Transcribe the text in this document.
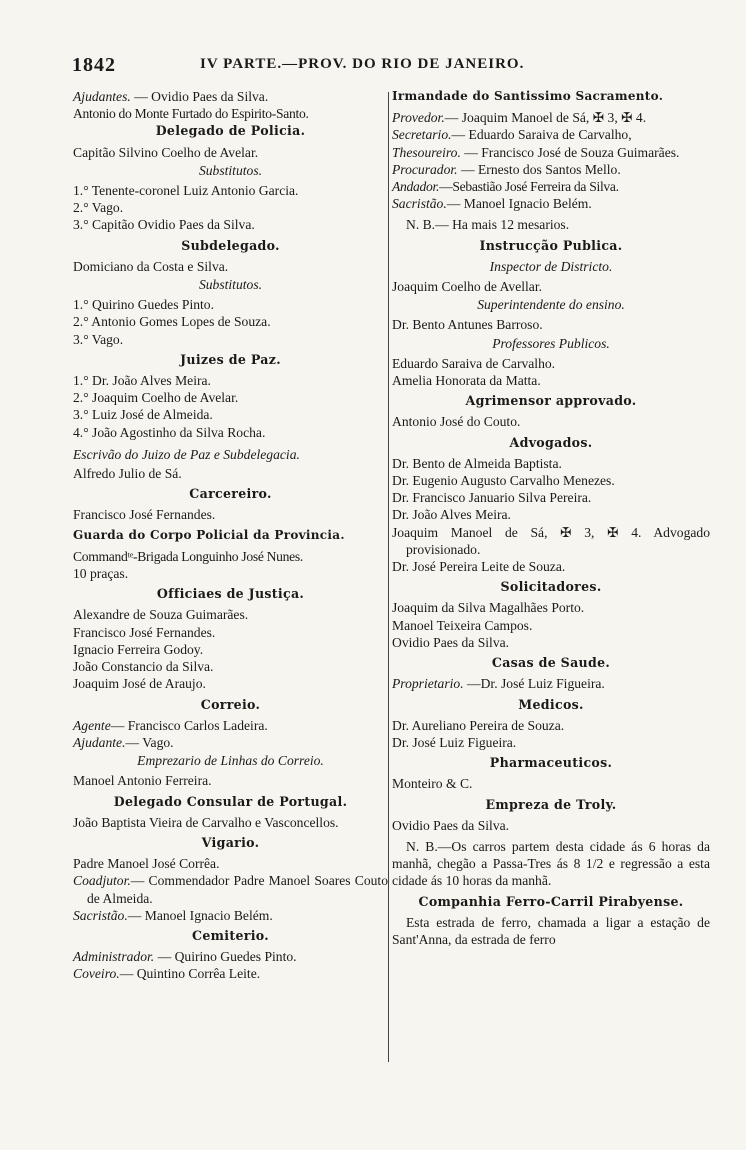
1842	IV PARTE.—PROV. DO RIO DE JANEIRO.

Ajudantes. — Ovidio Paes da Silva.

Antonio do Monte Furtado do Espirito-Santo.

Delegado de Policia.

Capitão Silvino Coelho de Avelar.

Substitutos.

1.° Tenente-coronel Luiz Antonio Garcia.

2.° Vago.

3.° Capitão Ovidio Paes da Silva.

Subdelegado.

Domiciano da Costa e Silva.

Substitutos.

1.° Quirino Guedes Pinto.

2.° Antonio Gomes Lopes de Souza.

3.° Vago.

Juizes de Paz.

1.° Dr. João Alves Meira.

2.° Joaquim Coelho de Avelar.

3.° Luiz José de Almeida.

4.° João Agostinho da Silva Rocha.

Escrivão do Juizo de Paz e Subdelegacia.

Alfredo Julio de Sá.

Carcereiro.

Francisco José Fernandes.

Guarda do Corpo Policial da Provincia.

Commandᵗᵉ-Brigada Longuinho José Nunes.

10 praças.

Officiaes de Justiça.

Alexandre de Souza Guimarães.

Francisco José Fernandes.

Ignacio Ferreira Godoy.

João Constancio da Silva.

Joaquim José de Araujo.

Correio.

Agente— Francisco Carlos Ladeira.

Ajudante.— Vago.

Emprezario de Linhas do Correio.

Manoel Antonio Ferreira.

Delegado Consular de Portugal.

João Baptista Vieira de Carvalho e Vasconcellos.

Vigario.

Padre Manoel José Corrêa.

Coadjutor.— Commendador Padre Manoel Soares Couto de Almeida.

Sacristão.— Manoel Ignacio Belém.

Cemiterio.

Administrador. — Quirino Guedes Pinto.

Coveiro.— Quintino Corrêa Leite.

Irmandade do Santissimo Sacramento.

Provedor.— Joaquim Manoel de Sá, ✠ 3, ✠ 4.

Secretario.— Eduardo Saraiva de Carvalho,

Thesoureiro. — Francisco José de Souza Guimarães.

Procurador. — Ernesto dos Santos Mello.

Andador.—Sebastião José Ferreira da Silva.

Sacristão.— Manoel Ignacio Belém.

N. B.— Ha mais 12 mesarios.

Instrucção Publica.

Inspector de Districto.

Joaquim Coelho de Avellar.

Superintendente do ensino.

Dr. Bento Antunes Barroso.

Professores Publicos.

Eduardo Saraiva de Carvalho.

Amelia Honorata da Matta.

Agrimensor approvado.

Antonio José do Couto.

Advogados.

Dr. Bento de Almeida Baptista.

Dr. Eugenio Augusto Carvalho Menezes.

Dr. Francisco Januario Silva Pereira.

Dr. João Alves Meira.

Joaquim Manoel de Sá, ✠ 3, ✠ 4. Advogado provisionado.

Dr. José Pereira Leite de Souza.

Solicitadores.

Joaquim da Silva Magalhães Porto.

Manoel Teixeira Campos.

Ovidio Paes da Silva.

Casas de Saude.

Proprietario. —Dr. José Luiz Figueira.

Medicos.

Dr. Aureliano Pereira de Souza.

Dr. José Luiz Figueira.

Pharmaceuticos.

Monteiro & C.

Empreza de Troly.

Ovidio Paes da Silva.

N. B.—Os carros partem desta cidade ás 6 horas da manhã, chegão a Passa-Tres ás 8 1/2 e regressão a esta cidade ás 10 horas da manhã.

Companhia Ferro-Carril Pirabyense.

Esta estrada de ferro, chamada a ligar a estação de Sant'Anna, da estrada de ferro
